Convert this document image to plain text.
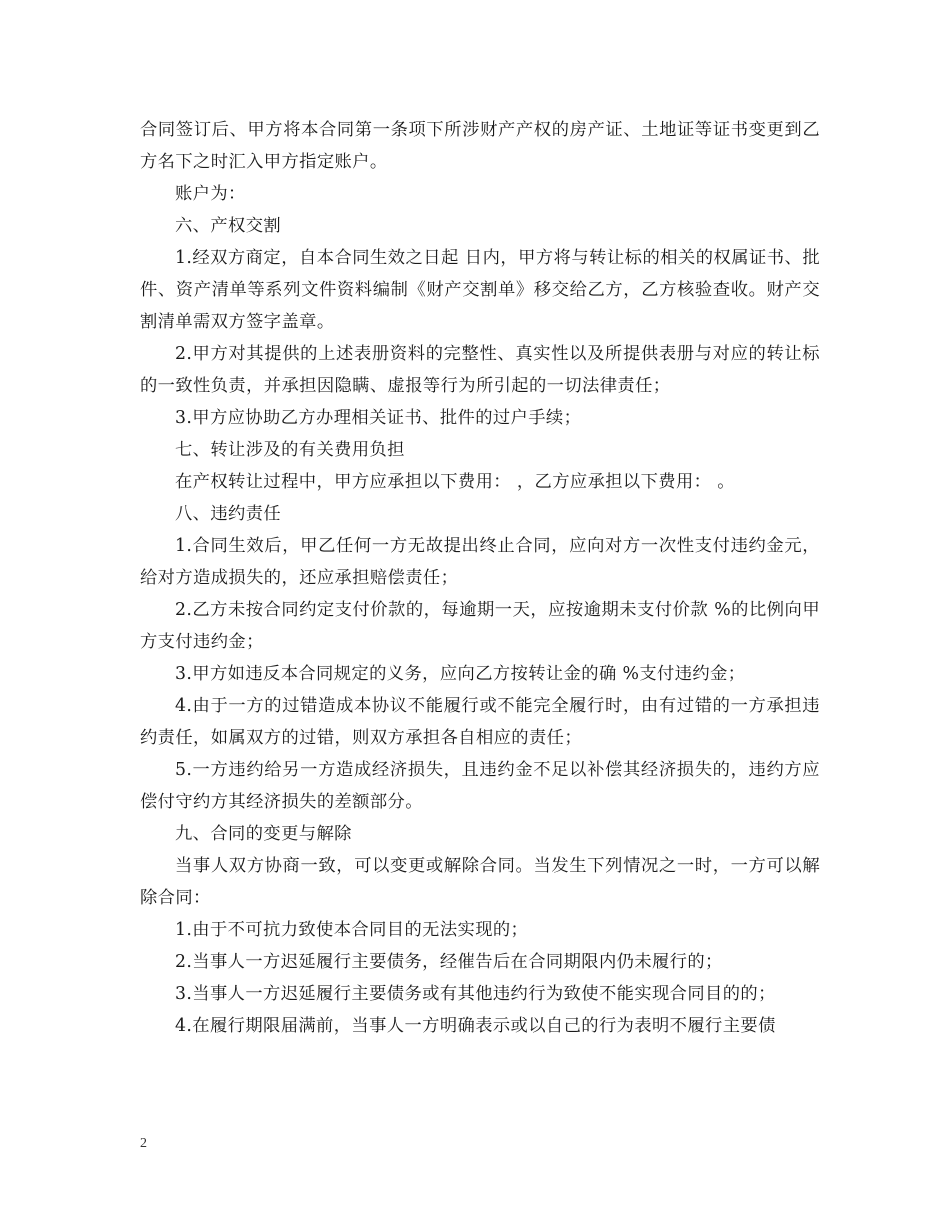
合同签订后、甲方将本合同第一条项下所涉财产产权的房产证、土地证等证书变更到乙方名下之时汇入甲方指定账户。

账户为：

六、产权交割

1.经双方商定，自本合同生效之日起 日内，甲方将与转让标的相关的权属证书、批件、资产清单等系列文件资料编制《财产交割单》移交给乙方，乙方核验查收。财产交割清单需双方签字盖章。

2.甲方对其提供的上述表册资料的完整性、真实性以及所提供表册与对应的转让标的一致性负责，并承担因隐瞒、虚报等行为所引起的一切法律责任；

3.甲方应协助乙方办理相关证书、批件的过户手续；

七、转让涉及的有关费用负担

在产权转让过程中，甲方应承担以下费用： ，乙方应承担以下费用： 。

八、违约责任

1.合同生效后，甲乙任何一方无故提出终止合同，应向对方一次性支付违约金元，给对方造成损失的，还应承担赔偿责任；

2.乙方未按合同约定支付价款的，每逾期一天，应按逾期未支付价款 %的比例向甲方支付违约金；

3.甲方如违反本合同规定的义务，应向乙方按转让金的确 %支付违约金；

4.由于一方的过错造成本协议不能履行或不能完全履行时，由有过错的一方承担违约责任，如属双方的过错，则双方承担各自相应的责任；

5.一方违约给另一方造成经济损失，且违约金不足以补偿其经济损失的，违约方应偿付守约方其经济损失的差额部分。

九、合同的变更与解除

当事人双方协商一致，可以变更或解除合同。当发生下列情况之一时，一方可以解除合同：

1.由于不可抗力致使本合同目的无法实现的；

2.当事人一方迟延履行主要债务，经催告后在合同期限内仍未履行的；

3.当事人一方迟延履行主要债务或有其他违约行为致使不能实现合同目的的；

4.在履行期限届满前，当事人一方明确表示或以自己的行为表明不履行主要债

2
